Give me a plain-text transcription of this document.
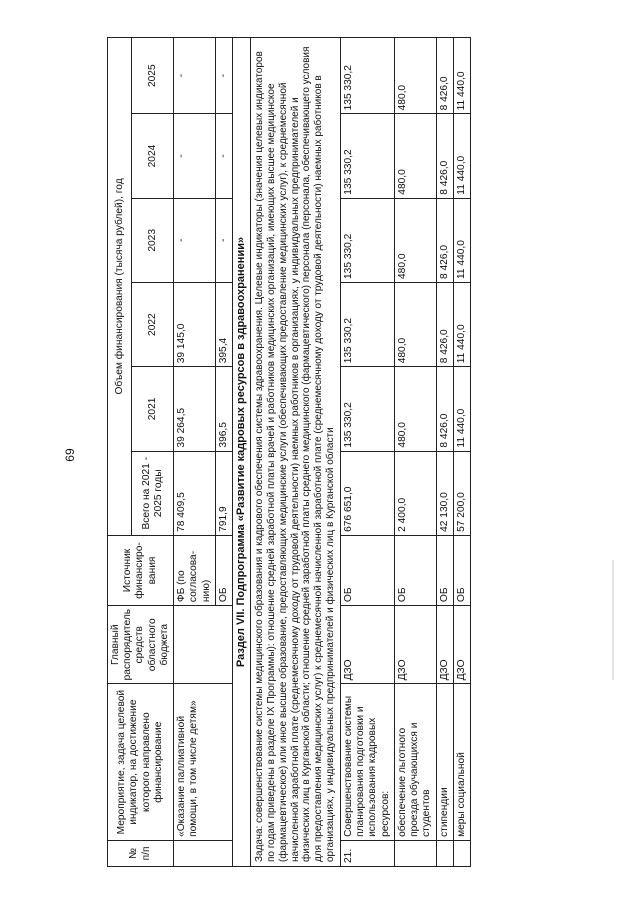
69
№ п/п	Мероприятие, задача целевой индикатор, на достижение которого направлено финансирование	Главный распорядитель средств областного бюджета	Источник финансиро-вания	Объем финансирования (тысяча рублей), год					
				Всего на 2021 - 2025 годы	2021	2022	2023	2024	2025
	«Оказание паллиативной помощи, в том числе детям»		ФБ (по согласова-нию)	78 409,5	39 264,5	39 145,0	-	-	-
			ОБ	791,9	396,5	395,4	-	-	-
Раздел VII. Подпрограмма «Развитие кадровых ресурсов в здравоохранении»									
Задача: совершенствование системы медицинского образования и кадрового обеспечения системы здравоохранения. Целевые индикаторы (значения целевых индикаторов по годам приведены в разделе IX Программы): отношение средней заработной платы врачей и работников медицинских организаций, имеющих высшее медицинское (фармацевтическое) или иное высшее образование, предоставляющих медицинские услуги (обеспечивающих предоставление медицинских услуг), к среднемесячной начисленной заработной плате (среднемесячному доходу от трудовой деятельности) наемных работников в организациях, у индивидуальных предпринимателей и физических лиц в Курганской области; отношение средней заработной платы среднего медицинского (фармацевтического) персонала (персонала, обеспечивающего условия для предоставления медицинских услуг) к среднемесячной начисленной заработной плате (среднемесячному доходу от трудовой деятельности) наемных работников в организациях, у индивидуальных предпринимателей и физических лиц в Курганской области									
21.	Совершенствование системы планирования подготовки и использования кадровых ресурсов:	ДЗО	ОБ	676 651,0	135 330,2	135 330,2	135 330,2	135 330,2	135 330,2
	обеспечение льготного проезда обучающихся и студентов	ДЗО	ОБ	2 400,0	480,0	480,0	480,0	480,0	480,0
	стипендии	ДЗО	ОБ	42 130,0	8 426,0	8 426,0	8 426,0	8 426,0	8 426,0
	меры социальной	ДЗО	ОБ	57 200,0	11 440,0	11 440,0	11 440,0	11 440,0	11 440,0
